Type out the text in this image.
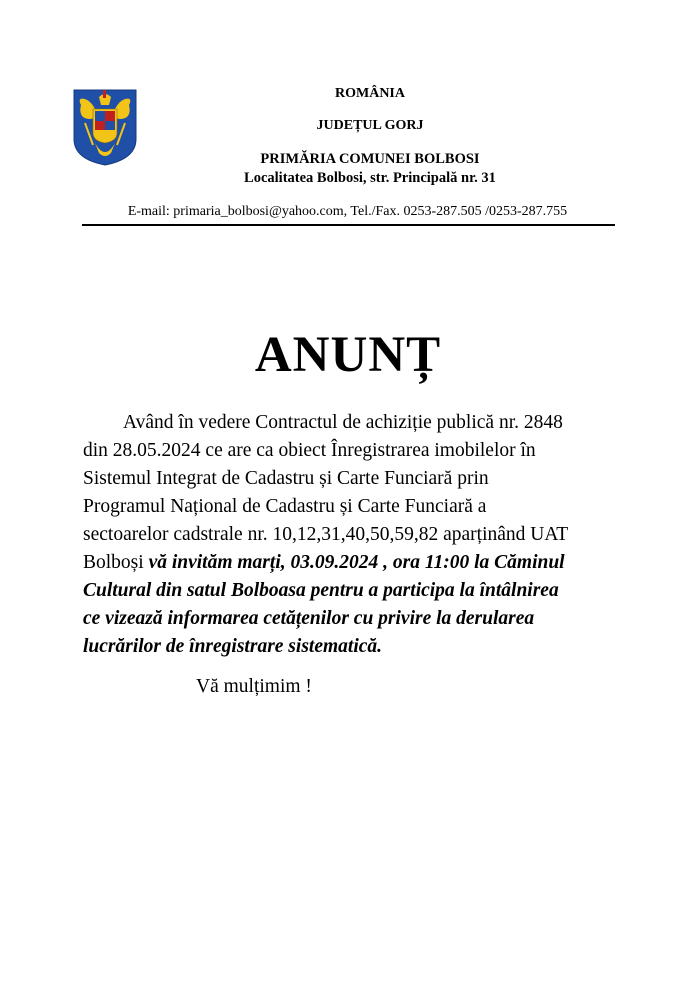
ROMÂNIA
JUDEȚUL GORJ
PRIMĂRIA COMUNEI BOLBOSI
Localitatea Bolbosi, str. Principală nr. 31
E-mail: primaria_bolbosi@yahoo.com, Tel./Fax. 0253-287.505 /0253-287.755
ANUNȚ
Având în vedere Contractul de achiziție publică nr. 2848
din 28.05.2024 ce are ca obiect Înregistrarea imobilelor în
Sistemul Integrat de Cadastru și Carte Funciară prin
Programul Național de Cadastru și Carte Funciară a
sectoarelor cadstrale nr. 10,12,31,40,50,59,82 aparținând UAT
Bolboși vă invităm marți, 03.09.2024 , ora 11:00 la Căminul
Cultural din satul Bolboasa pentru a participa la întâlnirea
ce vizează informarea cetățenilor cu privire la derularea
lucrărilor de înregistrare sistematică.
Vă mulțimim !
